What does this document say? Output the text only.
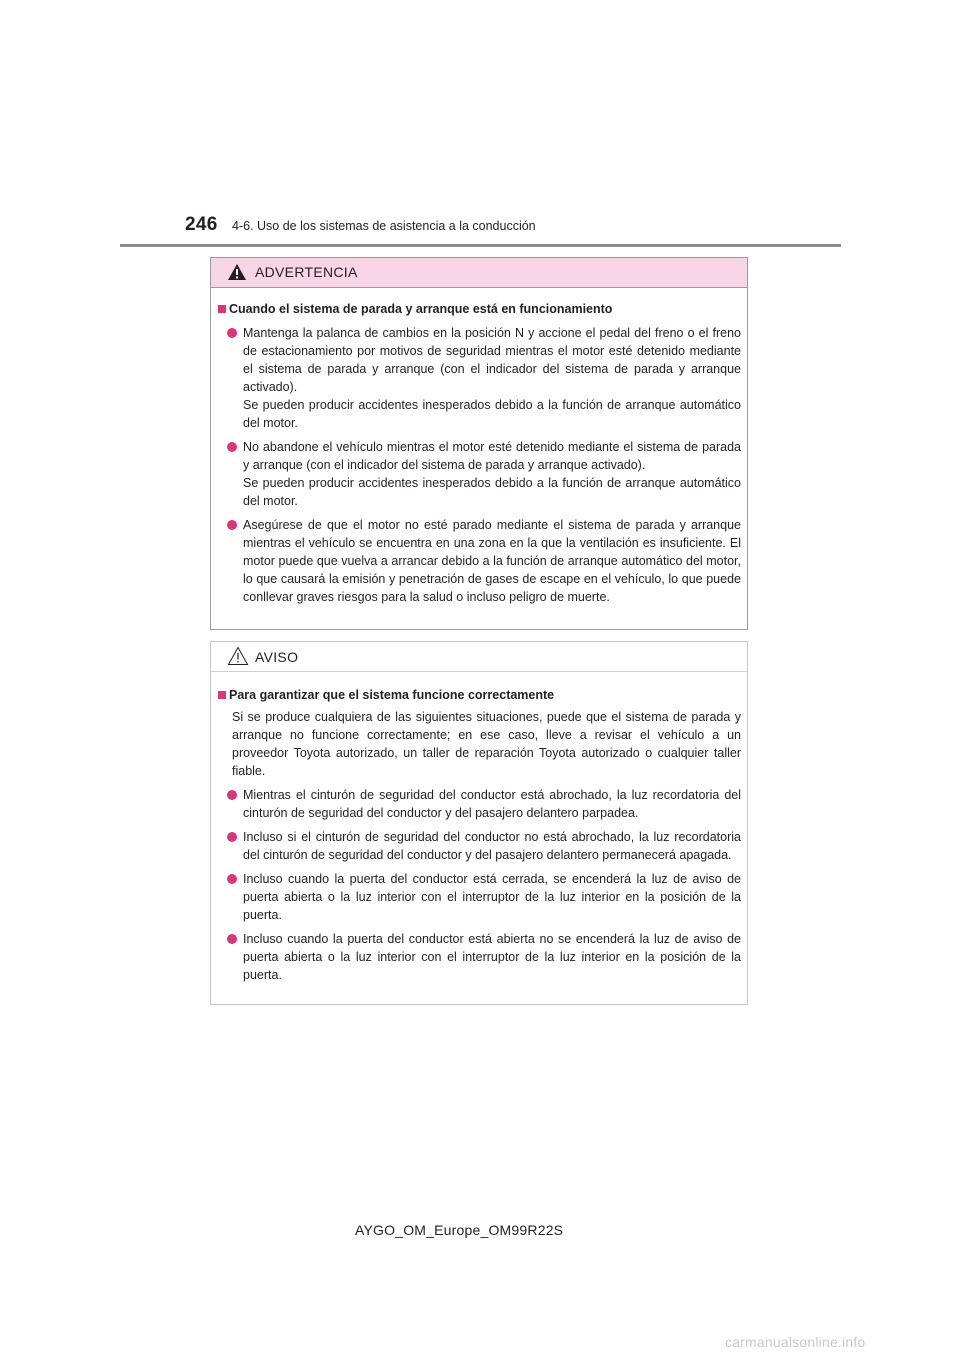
246 4-6. Uso de los sistemas de asistencia a la conducción
ADVERTENCIA
Cuando el sistema de parada y arranque está en funcionamiento
Mantenga la palanca de cambios en la posición N y accione el pedal del freno o el freno de estacionamiento por motivos de seguridad mientras el motor esté detenido mediante el sistema de parada y arranque (con el indicador del sistema de parada y arranque activado).
Se pueden producir accidentes inesperados debido a la función de arranque automático del motor.
No abandone el vehículo mientras el motor esté detenido mediante el sistema de parada y arranque (con el indicador del sistema de parada y arranque activado).
Se pueden producir accidentes inesperados debido a la función de arranque automático del motor.
Asegúrese de que el motor no esté parado mediante el sistema de parada y arranque mientras el vehículo se encuentra en una zona en la que la ventilación es insuficiente. El motor puede que vuelva a arrancar debido a la función de arranque automático del motor, lo que causará la emisión y penetración de gases de escape en el vehículo, lo que puede conllevar graves riesgos para la salud o incluso peligro de muerte.
AVISO
Para garantizar que el sistema funcione correctamente
Si se produce cualquiera de las siguientes situaciones, puede que el sistema de parada y arranque no funcione correctamente; en ese caso, lleve a revisar el vehículo a un proveedor Toyota autorizado, un taller de reparación Toyota autorizado o cualquier taller fiable.
Mientras el cinturón de seguridad del conductor está abrochado, la luz recordatoria del cinturón de seguridad del conductor y del pasajero delantero parpadea.
Incluso si el cinturón de seguridad del conductor no está abrochado, la luz recordatoria del cinturón de seguridad del conductor y del pasajero delantero permanecerá apagada.
Incluso cuando la puerta del conductor está cerrada, se encenderá la luz de aviso de puerta abierta o la luz interior con el interruptor de la luz interior en la posición de la puerta.
Incluso cuando la puerta del conductor está abierta no se encenderá la luz de aviso de puerta abierta o la luz interior con el interruptor de la luz interior en la posición de la puerta.
AYGO_OM_Europe_OM99R22S
carmanualsonline.info
